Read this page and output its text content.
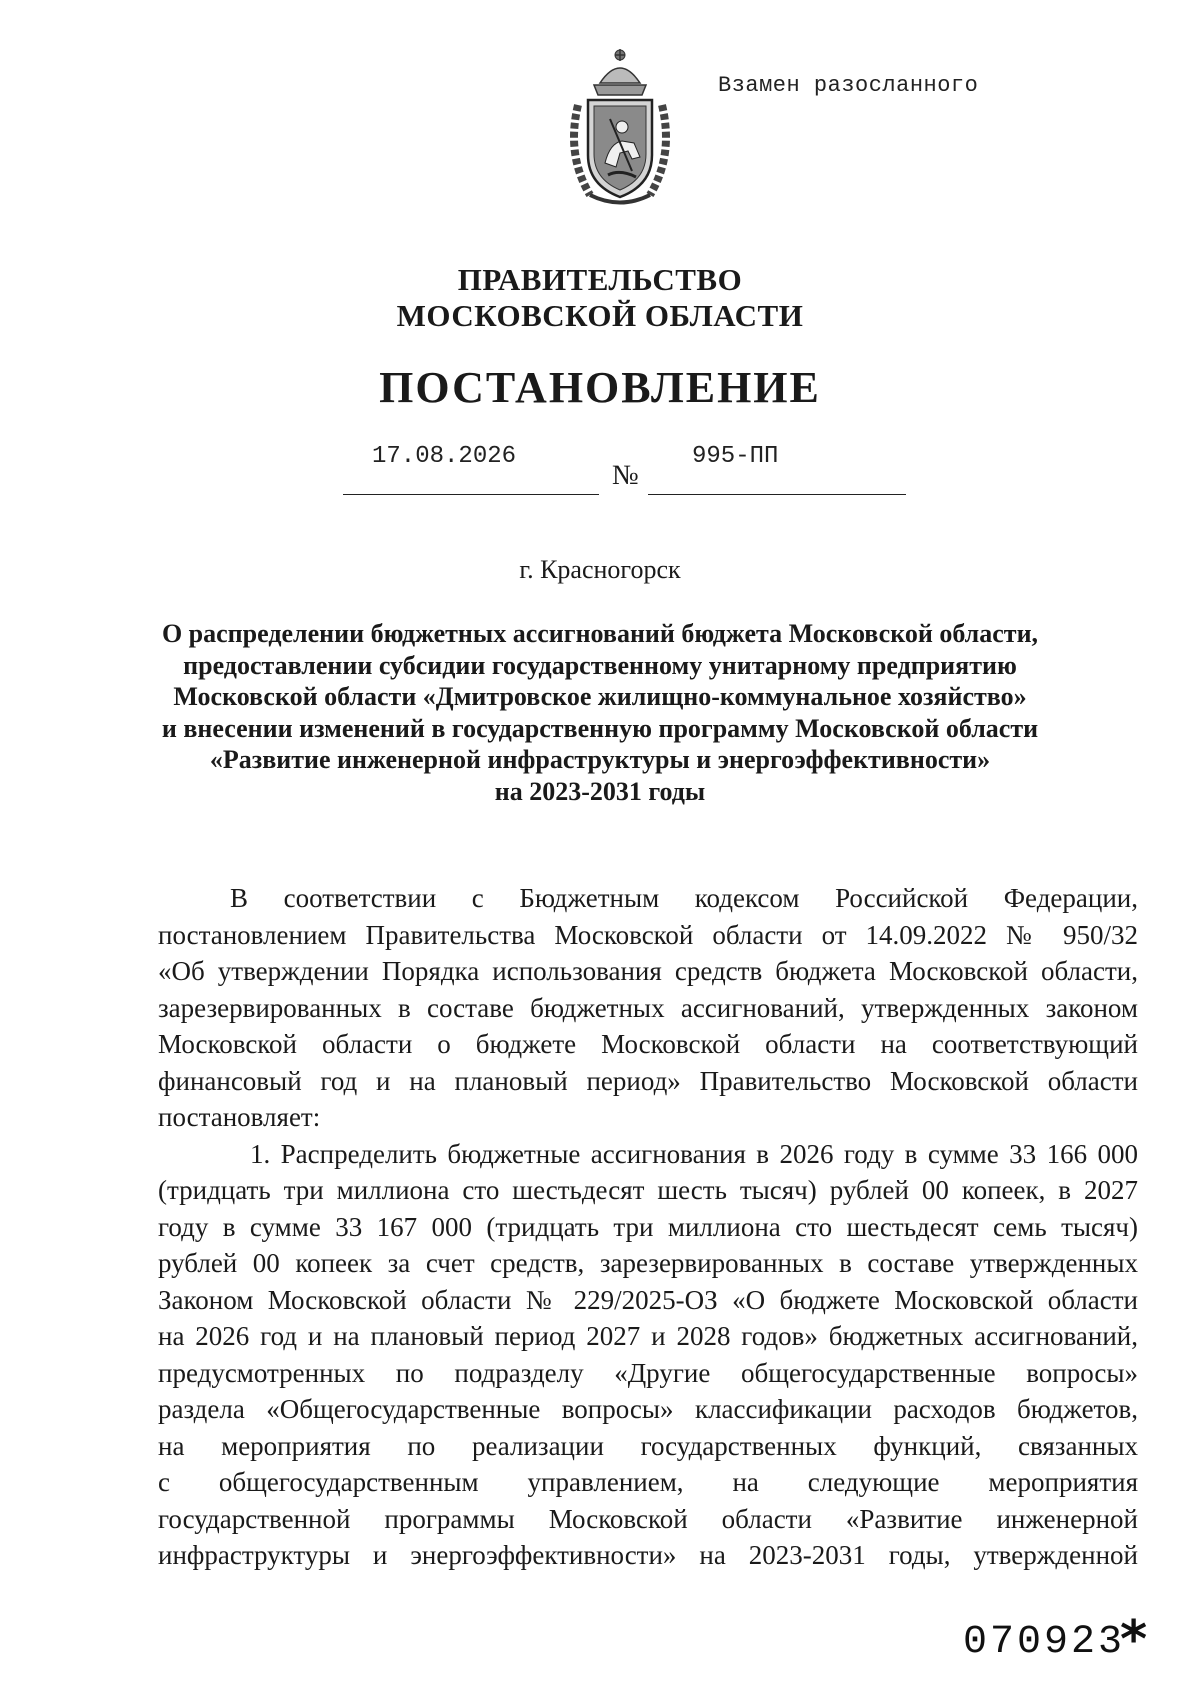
Взамен разосланного
ПРАВИТЕЛЬСТВО
МОСКОВСКОЙ ОБЛАСТИ
ПОСТАНОВЛЕНИЕ
17.08.2026
№
995-ПП
г. Красногорск
О распределении бюджетных ассигнований бюджета Московской области,
предоставлении субсидии государственному унитарному предприятию
Московской области «Дмитровское жилищно-коммунальное хозяйство»
и внесении изменений в государственную программу Московской области
«Развитие инженерной инфраструктуры и энергоэффективности»
на 2023-2031 годы
В соответствии с Бюджетным кодексом Российской Федерации,
постановлением Правительства Московской области от 14.09.2022 № 950/32
«Об утверждении Порядка использования средств бюджета Московской области,
зарезервированных в составе бюджетных ассигнований, утвержденных законом
Московской области о бюджете Московской области на соответствующий
финансовый год и на плановый период» Правительство Московской области
постановляет:
1. Распределить бюджетные ассигнования в 2026 году в сумме 33 166 000
(тридцать три миллиона сто шестьдесят шесть тысяч) рублей 00 копеек, в 2027
году в сумме 33 167 000 (тридцать три миллиона сто шестьдесят семь тысяч)
рублей 00 копеек за счет средств, зарезервированных в составе утвержденных
Законом Московской области № 229/2025-ОЗ «О бюджете Московской области
на 2026 год и на плановый период 2027 и 2028 годов» бюджетных ассигнований,
предусмотренных по подразделу «Другие общегосударственные вопросы»
раздела «Общегосударственные вопросы» классификации расходов бюджетов,
на мероприятия по реализации государственных функций, связанных
с общегосударственным управлением, на следующие мероприятия
государственной программы Московской области «Развитие инженерной
инфраструктуры и энергоэффективности» на 2023-2031 годы, утвержденной
070923
*
